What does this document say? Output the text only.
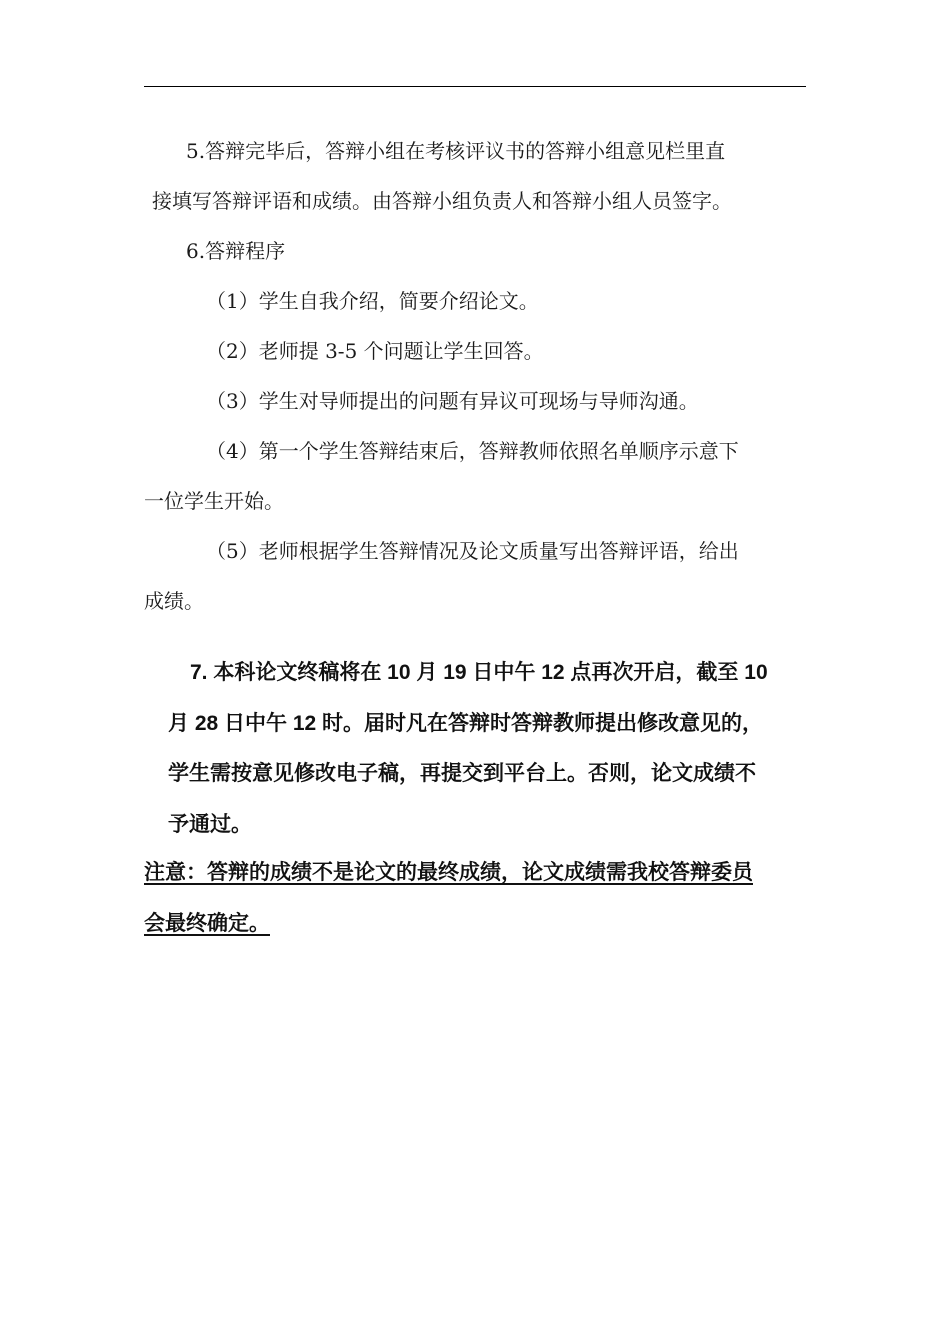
5.答辩完毕后，答辩小组在考核评议书的答辩小组意见栏里直
接填写答辩评语和成绩。由答辩小组负责人和答辩小组人员签字。
6.答辩程序
（1）学生自我介绍，简要介绍论文。
（2）老师提 3-5 个问题让学生回答。
（3）学生对导师提出的问题有异议可现场与导师沟通。
（4）第一个学生答辩结束后，答辩教师依照名单顺序示意下
一位学生开始。
（5）老师根据学生答辩情况及论文质量写出答辩评语，给出
成绩。
7. 本科论文终稿将在 10 月 19 日中午 12 点再次开启，截至 10
月 28 日中午 12 时。届时凡在答辩时答辩教师提出修改意见的，
学生需按意见修改电子稿，再提交到平台上。否则，论文成绩不
予通过。
注意：答辩的成绩不是论文的最终成绩，论文成绩需我校答辩委员
会最终确定。
